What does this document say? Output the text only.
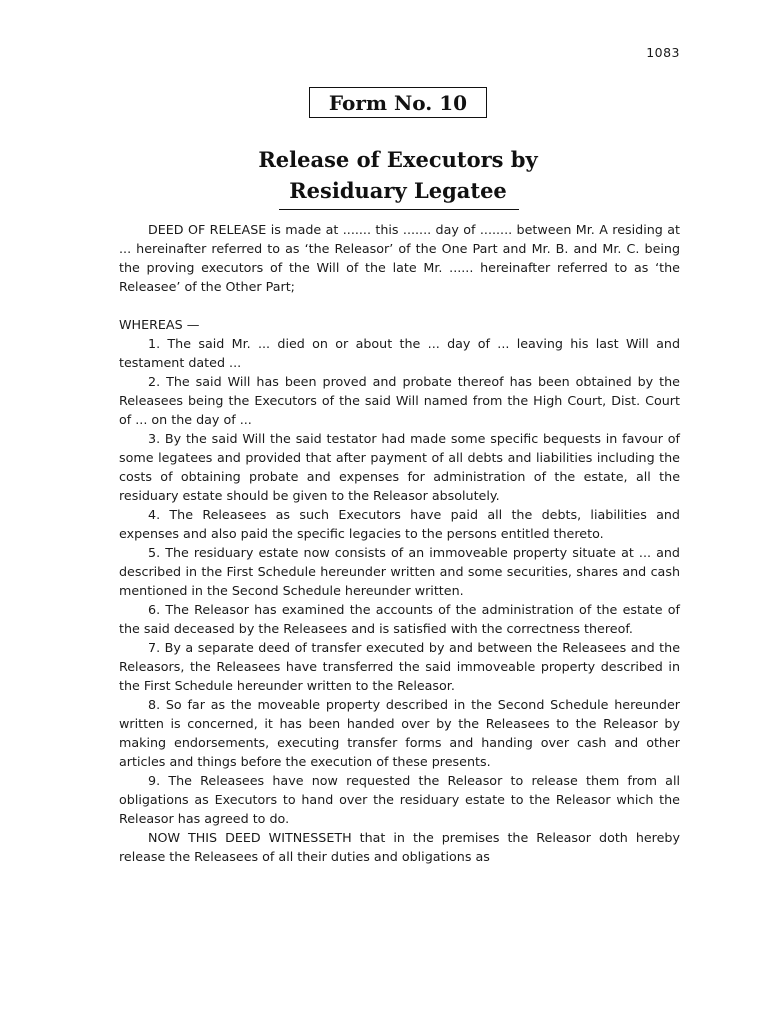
1083
Form No. 10
Release of Executors by
Residuary Legatee

DEED OF RELEASE is made at ....... this ....... day of ........ between Mr. A residing at ... hereinafter referred to as ‘the Releasor’ of the One Part and Mr. B. and Mr. C. being the proving executors of the Will of the late Mr. ...... hereinafter referred to as ‘the Releasee’ of the Other Part;

WHEREAS —

1. The said Mr. ... died on or about the ... day of ... leaving his last Will and testament dated ...

2. The said Will has been proved and probate thereof has been obtained by the Releasees being the Executors of the said Will named from the High Court, Dist. Court of ... on the day of ...

3. By the said Will the said testator had made some specific bequests in favour of some legatees and provided that after payment of all debts and liabilities including the costs of obtaining probate and expenses for administration of the estate, all the residuary estate should be given to the Releasor absolutely.

4. The Releasees as such Executors have paid all the debts, liabilities and expenses and also paid the specific legacies to the persons entitled thereto.

5. The residuary estate now consists of an immoveable property situate at ... and described in the First Schedule hereunder written and some securities, shares and cash mentioned in the Second Schedule hereunder written.

6. The Releasor has examined the accounts of the administration of the estate of the said deceased by the Releasees and is satisfied with the correctness thereof.

7. By a separate deed of transfer executed by and between the Releasees and the Releasors, the Releasees have transferred the said immoveable property described in the First Schedule hereunder written to the Releasor.

8. So far as the moveable property described in the Second Schedule hereunder written is concerned, it has been handed over by the Releasees to the Releasor by making endorsements, executing transfer forms and handing over cash and other articles and things before the execution of these presents.

9. The Releasees have now requested the Releasor to release them from all obligations as Executors to hand over the residuary estate to the Releasor which the Releasor has agreed to do.

NOW THIS DEED WITNESSETH that in the premises the Releasor doth hereby release the Releasees of all their duties and obligations as
